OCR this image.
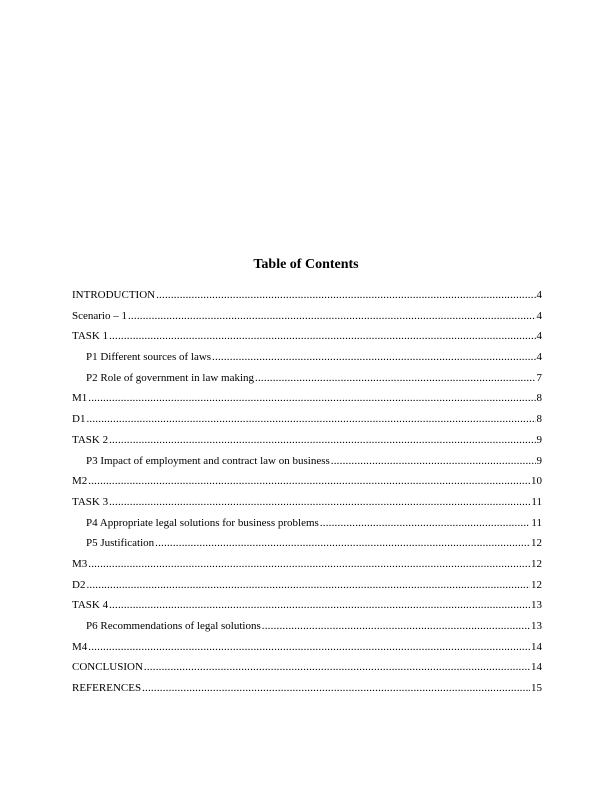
Table of Contents
INTRODUCTION .....	4
Scenario – 1 .....	4
TASK 1 .....	4
P1 Different sources of laws .....	4
P2 Role of government in law making .....	7
M1 .....	8
D1 .....	8
TASK 2 .....	9
P3 Impact of employment and contract law on business .....	9
M2 .....	10
TASK 3 .....	11
P4 Appropriate legal solutions for business problems .....	11
P5 Justification .....	12
M3 .....	12
D2 .....	12
TASK 4 .....	13
P6 Recommendations of legal solutions .....	13
M4 .....	14
CONCLUSION .....	14
REFERENCES .....	15
